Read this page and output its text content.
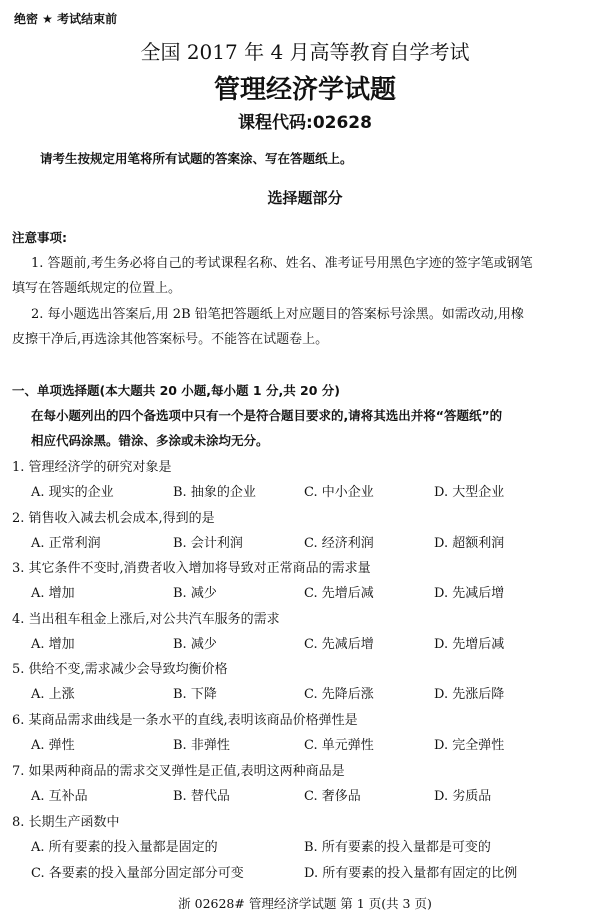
绝密 ★ 考试结束前
全国 2017 年 4 月高等教育自学考试
管理经济学试题
课程代码:02628
请考生按规定用笔将所有试题的答案涂、写在答题纸上。
选择题部分
注意事项:
1. 答题前,考生务必将自己的考试课程名称、姓名、准考证号用黑色字迹的签字笔或钢笔
填写在答题纸规定的位置上。
2. 每小题选出答案后,用 2B 铅笔把答题纸上对应题目的答案标号涂黑。如需改动,用橡
皮擦干净后,再选涂其他答案标号。不能答在试题卷上。
一、单项选择题(本大题共 20 小题,每小题 1 分,共 20 分)
在每小题列出的四个备选项中只有一个是符合题目要求的,请将其选出并将“答题纸”的
相应代码涂黑。错涂、多涂或未涂均无分。
1. 管理经济学的研究对象是
A. 现实的企业	B. 抽象的企业	C. 中小企业	D. 大型企业
2. 销售收入减去机会成本,得到的是
A. 正常利润	B. 会计利润	C. 经济利润	D. 超额利润
3. 其它条件不变时,消费者收入增加将导致对正常商品的需求量
A. 增加	B. 减少	C. 先增后减	D. 先减后增
4. 当出租车租金上涨后,对公共汽车服务的需求
A. 增加	B. 减少	C. 先减后增	D. 先增后减
5. 供给不变,需求减少会导致均衡价格
A. 上涨	B. 下降	C. 先降后涨	D. 先涨后降
6. 某商品需求曲线是一条水平的直线,表明该商品价格弹性是
A. 弹性	B. 非弹性	C. 单元弹性	D. 完全弹性
7. 如果两种商品的需求交叉弹性是正值,表明这两种商品是
A. 互补品	B. 替代品	C. 奢侈品	D. 劣质品
8. 长期生产函数中
A. 所有要素的投入量都是固定的	B. 所有要素的投入量都是可变的
C. 各要素的投入量部分固定部分可变	D. 所有要素的投入量都有固定的比例
浙 02628# 管理经济学试题 第 1 页(共 3 页)
